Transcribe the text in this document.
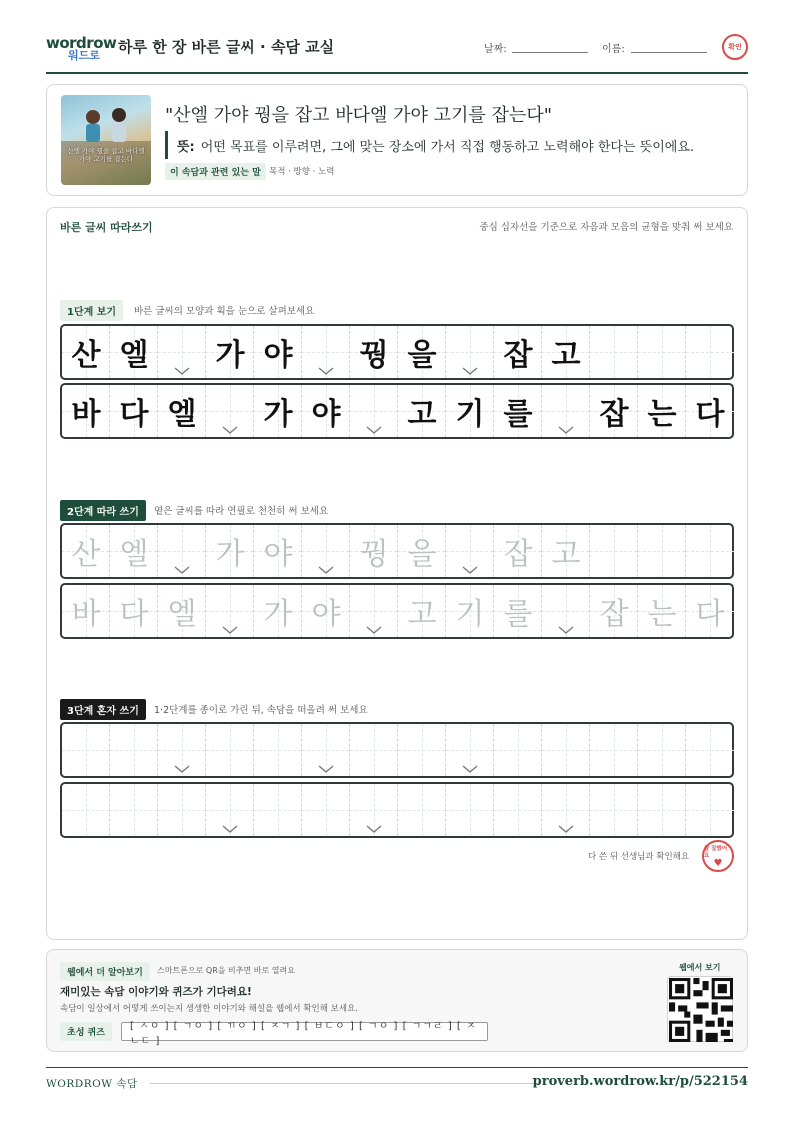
wordrow
워드로 하루 한 장 바른 글씨 · 속담 교실	날짜:	이름:	확인
산엘 가야 꿩을 잡고 바다엘 가야 고기를 잡는다
"산엘 가야 꿩을 잡고 바다엘 가야 고기를 잡는다"
뜻: 어떤 목표를 이루려면, 그에 맞는 장소에 가서 직접 행동하고 노력해야 한다는 뜻이에요.
이 속담과 관련 있는 말 목적 · 방향 · 노력
바른 글씨 따라쓰기	중심 십자선을 기준으로 자음과 모음의 균형을 맞춰 써 보세요
1단계 보기	바른 글씨의 모양과 획을 눈으로 살펴보세요
산 엘	가 야	꿩 을	잡 고
바 다 엘	가 야	고 기 를	잡 는 다
2단계 따라 쓰기	옅은 글씨를 따라 연필로 천천히 써 보세요
산 엘	가 야	꿩 을	잡 고
바 다 엘	가 야	고 기 를	잡 는 다
3단계 혼자 쓰기	1·2단계를 종이로 가린 뒤, 속담을 떠올려 써 보세요
다 쓴 뒤 선생님과 확인해요
참 잘했어요
♥
웹에서 더 알아보기	스마트폰으로 QR을 비추면 바로 열려요
재미있는 속담 이야기와 퀴즈가 기다려요!
속담이 일상에서 어떻게 쓰이는지 생생한 이야기와 해설을 웹에서 확인해 보세요.
초성 퀴즈
[ ㅅㅇ ] [ ㄱㅇ ] [ ㄲㅇ ] [ ㅈㄱ ] [ ㅂㄷㅇ ] [ ㄱㅇ ] [ ㄱㄱㄹ ] [ ㅈㄴㄷ ]
웹에서 보기
WORDROW 속담	proverb.wordrow.kr/p/522154
